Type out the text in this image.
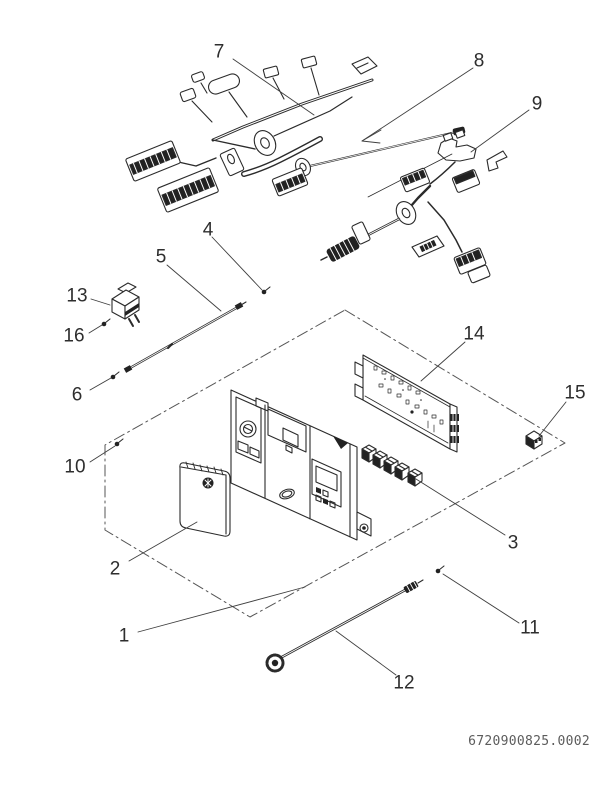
1
2
3
4
5
6
7	8
9
10
11
12
13
14
15
16
6720900825.0002
